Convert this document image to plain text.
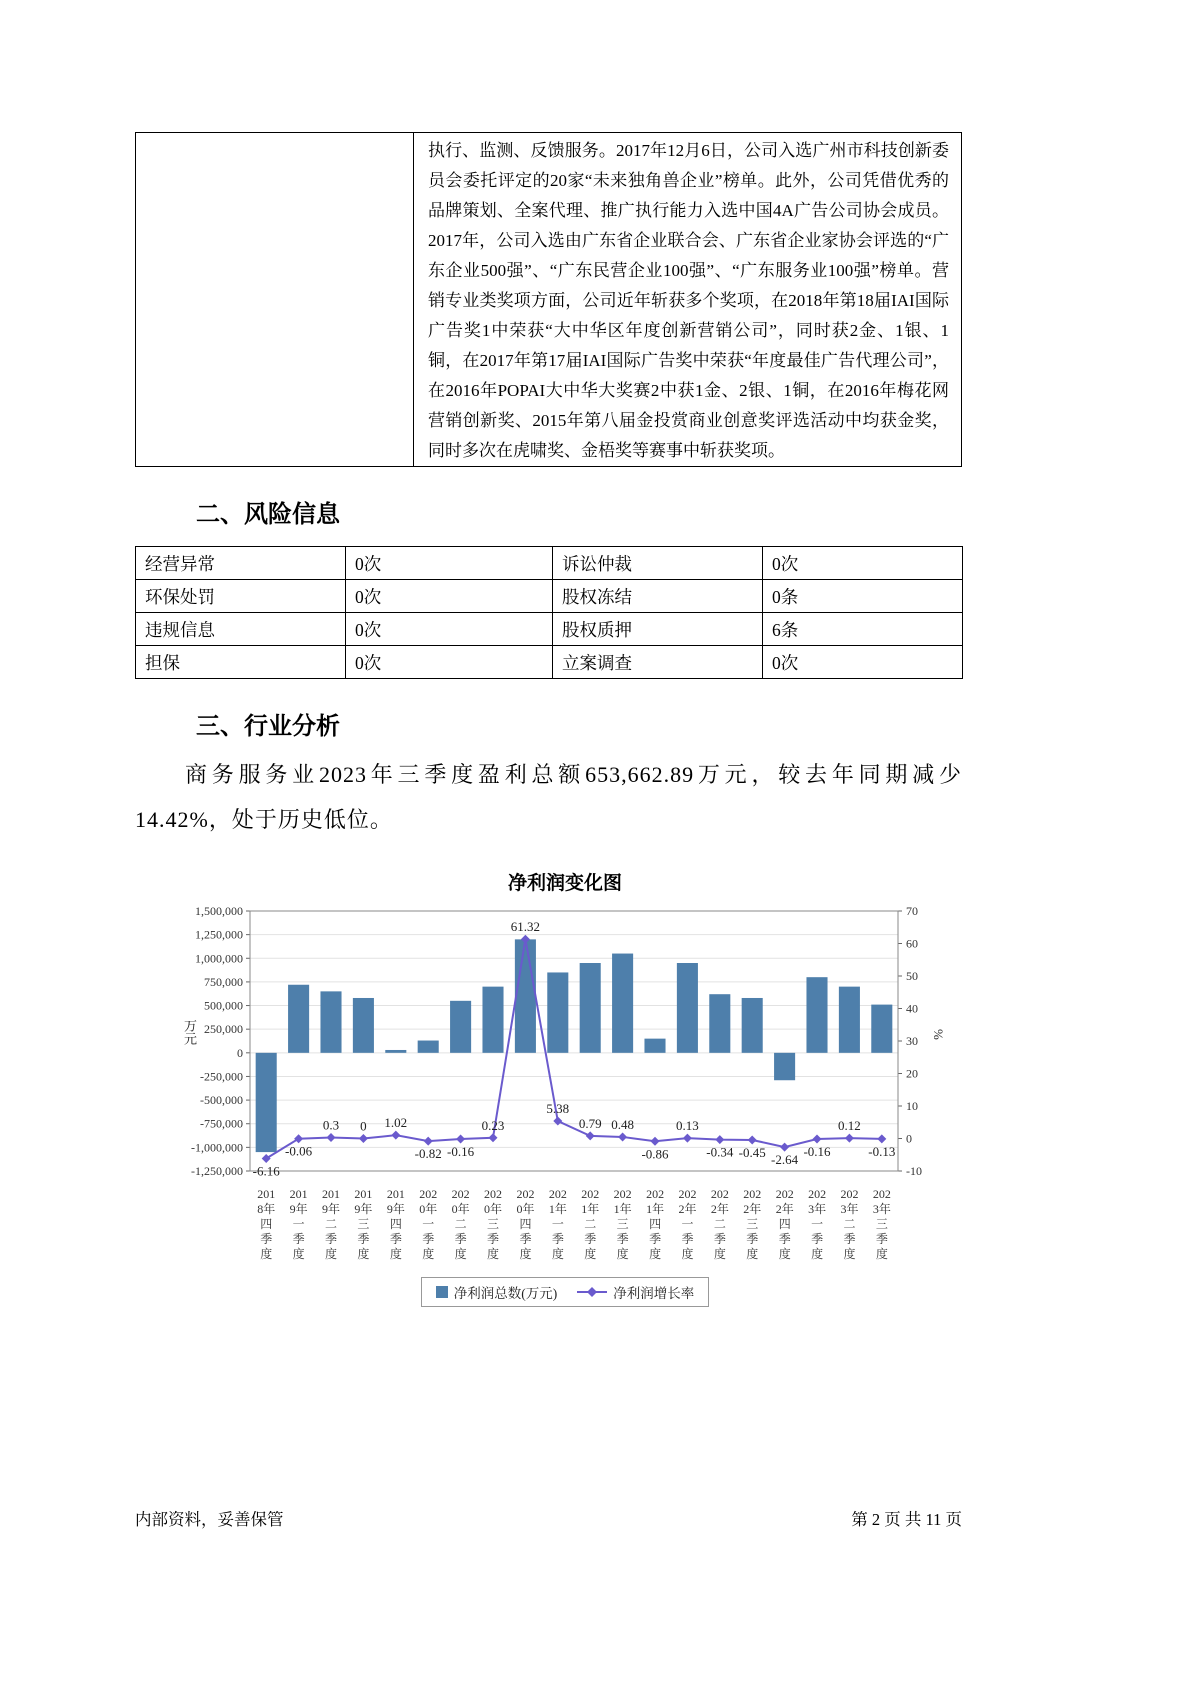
	执行、监测、反馈服务。2017年12月6日，公司入选广州市科技创新委员会委托评定的20家“未来独角兽企业”榜单。此外，公司凭借优秀的品牌策划、全案代理、推广执行能力入选中国4A广告公司协会成员。2017年，公司入选由广东省企业联合会、广东省企业家协会评选的“广东企业500强”、“广东民营企业100强”、“广东服务业100强”榜单。营销专业类奖项方面，公司近年斩获多个奖项，在2018年第18届IAI国际广告奖1中荣获“大中华区年度创新营销公司”，同时获2金、1银、1铜，在2017年第17届IAI国际广告奖中荣获“年度最佳广告代理公司”，在2016年POPAI大中华大奖赛2中获1金、2银、1铜，在2016年梅花网营销创新奖、2015年第八届金投赏商业创意奖评选活动中均获金奖，同时多次在虎啸奖、金梧奖等赛事中斩获奖项。
二、风险信息
经营异常	0次	诉讼仲裁	0次
环保处罚	0次	股权冻结	0条
违规信息	0次	股权质押	6条
担保	0次	立案调查	0次
三、行业分析
商务服务业2023年三季度盈利总额653,662.89万元，较去年同期减少14.42%，处于历史低位。
净利润变化图
万元
-1,250,000
-1,000,000
-750,000
-500,000
-250,000
0
250,000
500,000
750,000
1,000,000
1,250,000
1,500,000
-10
0
10
20
30
40
50
60
70
-6.16
-0.06
0.3 0 1.02
-0.82 -0.16
0.23
61.32
5.38
0.79 0.48
-0.86
0.13
-0.34 -0.45 -2.64
-0.16
0.12
-0.13
%
201
8年
四
季
度
201
9年
一
季
度
201
9年
二
季
度
201
9年
三
季
度
201
9年
四
季
度
202
0年
一
季
度
202
0年
二
季
度
202
0年
三
季
度
202
0年
四
季
度
202
1年
一
季
度
202
1年
二
季
度
202
1年
三
季
度
202
1年
四
季
度
202
2年
一
季
度
202
2年
二
季
度
202
2年
三
季
度
202
2年
四
季
度
202
3年
一
季
度
202
3年
二
季
度
202
3年
三
季
度
净利润总数(万元)	净利润增长率
内部资料，妥善保管	第 2 页 共 11 页
